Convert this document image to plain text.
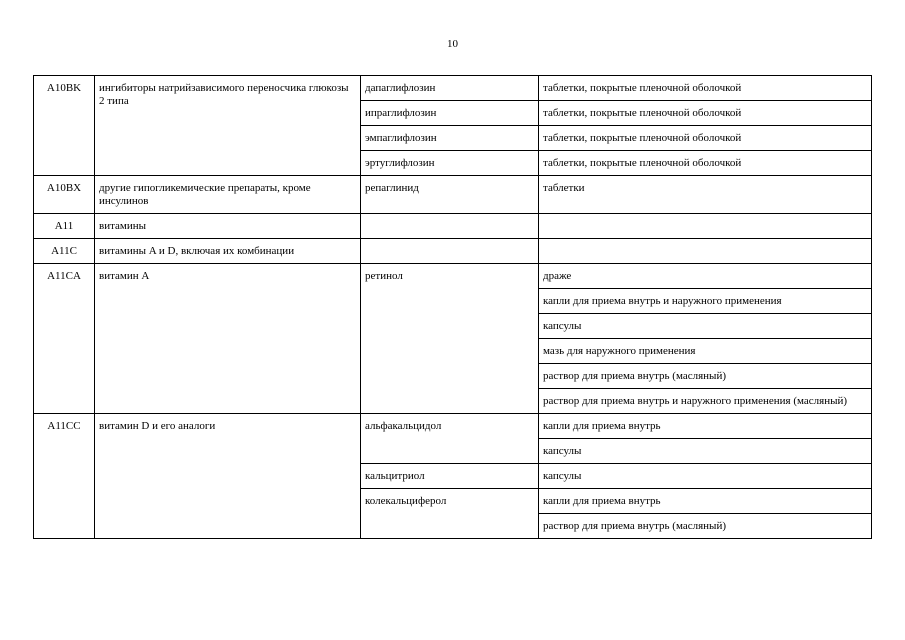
10
A10BK	ингибиторы натрийзависимого переносчика глюкозы 2 типа	дапаглифлозин	таблетки, покрытые пленочной оболочкой
		ипраглифлозин	таблетки, покрытые пленочной оболочкой
		эмпаглифлозин	таблетки, покрытые пленочной оболочкой
		эртуглифлозин	таблетки, покрытые пленочной оболочкой
A10BX	другие гипогликемические препараты, кроме инсулинов	репаглинид	таблетки
A11	витамины		
A11C	витамины A и D, включая их комбинации		
A11CA	витамин A	ретинол	драже
			капли для приема внутрь и наружного применения
			капсулы
			мазь для наружного применения
			раствор для приема внутрь (масляный)
			раствор для приема внутрь и наружного применения (масляный)
A11CC	витамин D и его аналоги	альфакальцидол	капли для приема внутрь
			капсулы
		кальцитриол	капсулы
		колекальциферол	капли для приема внутрь
			раствор для приема внутрь (масляный)
